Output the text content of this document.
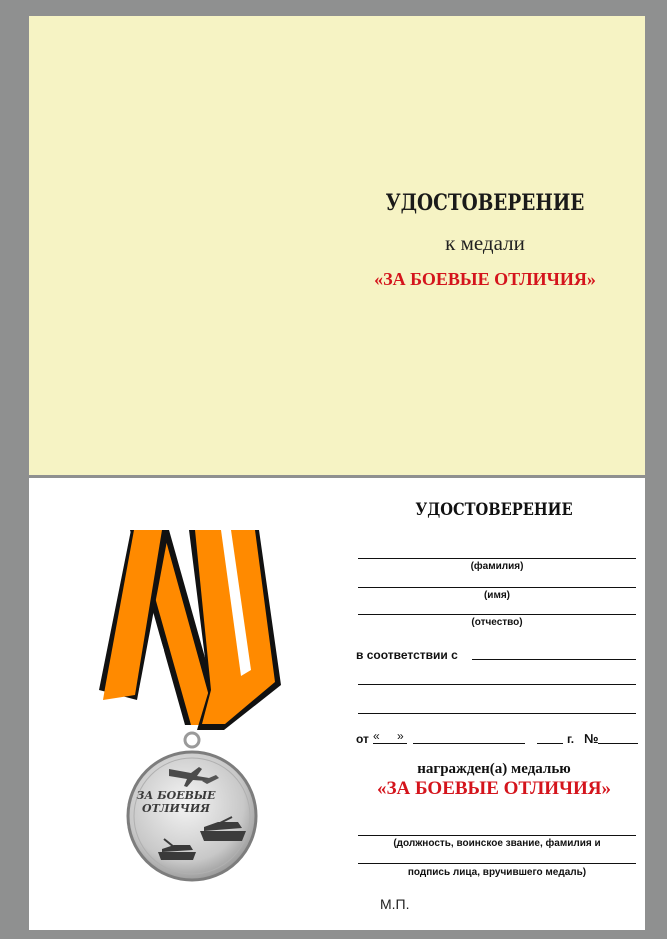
УДОСТОВЕРЕНИЕ
к медали
«ЗА БОЕВЫЕ ОТЛИЧИЯ»
ЗА БОЕВЫЕ
ОТЛИЧИЯ
УДОСТОВЕРЕНИЕ
(фамилия)
(имя)
(отчество)
в соответствии с
от « »	г. №
награжден(а) медалью
«ЗА БОЕВЫЕ ОТЛИЧИЯ»
(должность, воинское звание, фамилия и
подпись лица, вручившего медаль)
М.П.
